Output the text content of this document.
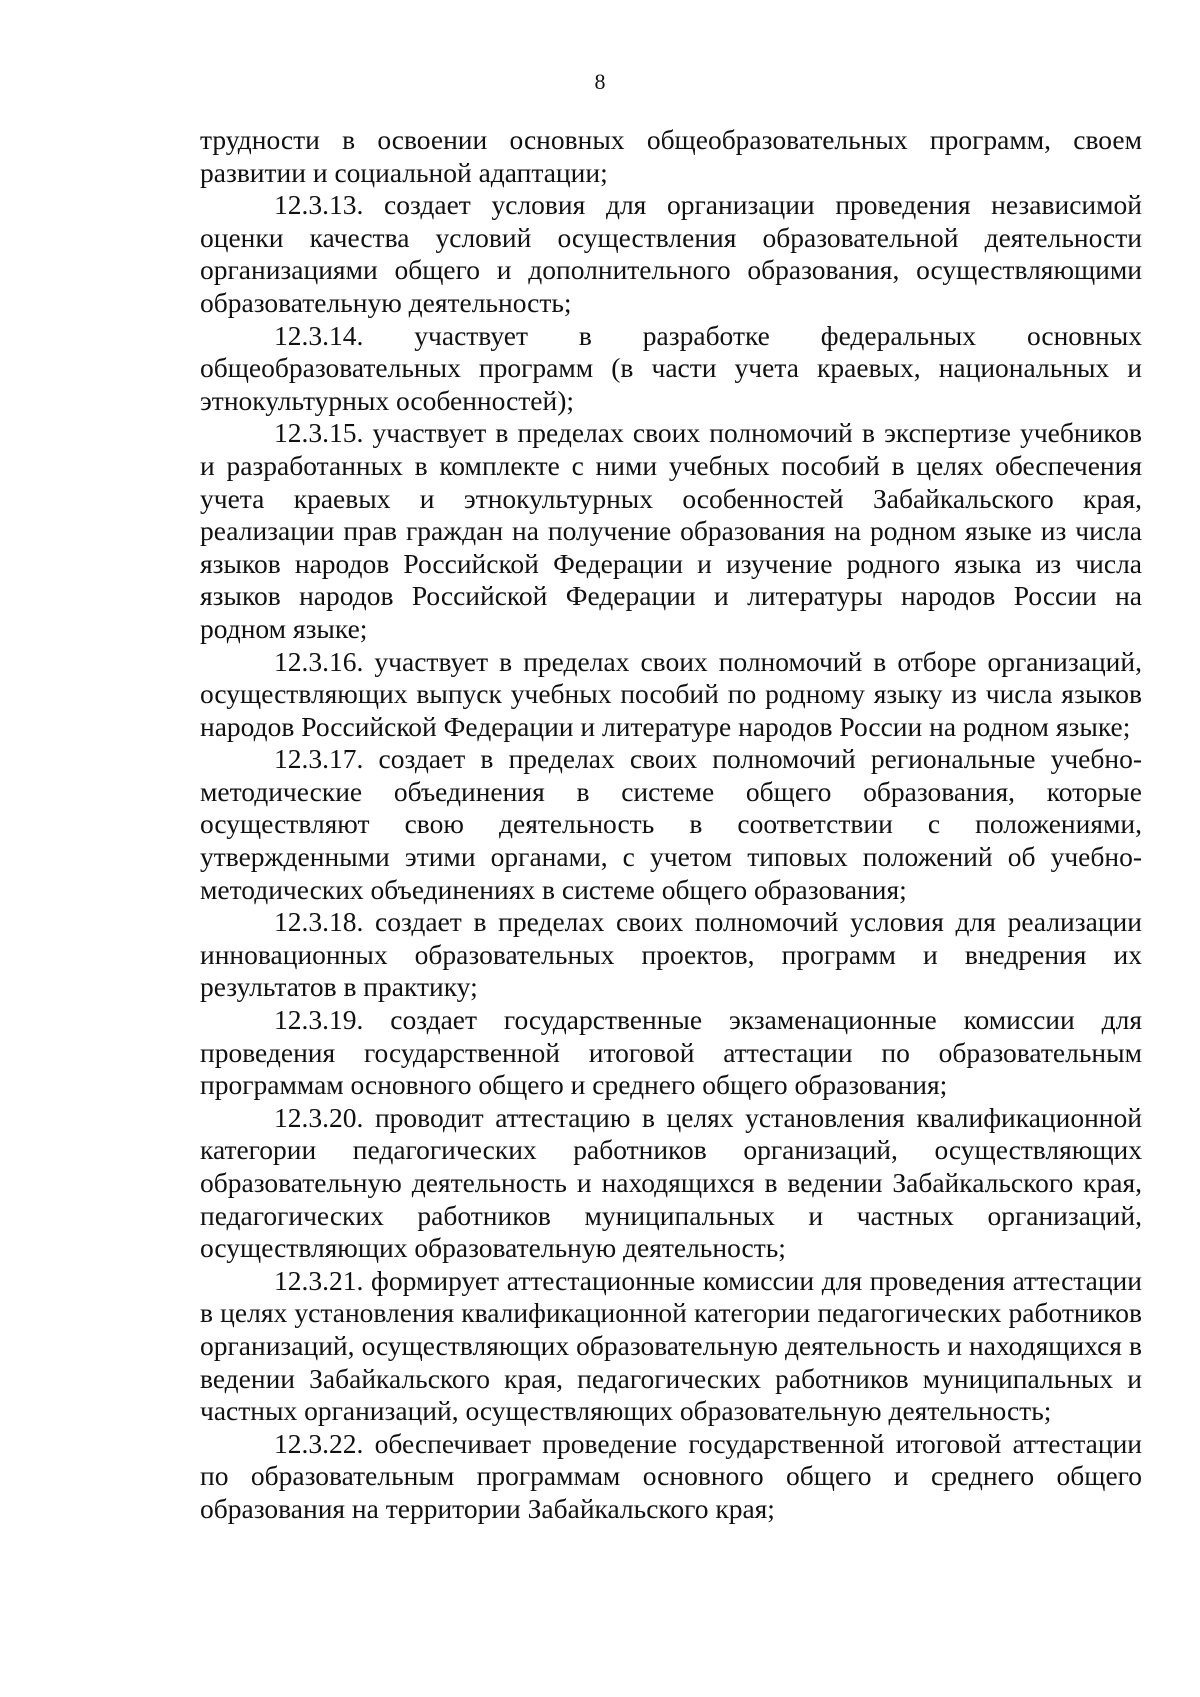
8

трудности в освоении основных общеобразовательных программ, своем развитии и социальной адаптации;

12.3.13. создает условия для организации проведения независимой оценки качества условий осуществления образовательной деятельности организациями общего и дополнительного образования, осуществляющими образовательную деятельность;

12.3.14. участвует в разработке федеральных основных общеобразовательных программ (в части учета краевых, национальных и этнокультурных особенностей);

12.3.15. участвует в пределах своих полномочий в экспертизе учебников и разработанных в комплекте с ними учебных пособий в целях обеспечения учета краевых и этнокультурных особенностей Забайкальского края, реализации прав граждан на получение образования на родном языке из числа языков народов Российской Федерации и изучение родного языка из числа языков народов Российской Федерации и литературы народов России на родном языке;

12.3.16. участвует в пределах своих полномочий в отборе организаций, осуществляющих выпуск учебных пособий по родному языку из числа языков народов Российской Федерации и литературе народов России на родном языке;

12.3.17. создает в пределах своих полномочий региональные учебно-методические объединения в системе общего образования, которые осуществляют свою деятельность в соответствии с положениями, утвержденными этими органами, с учетом типовых положений об учебно-методических объединениях в системе общего образования;

12.3.18. создает в пределах своих полномочий условия для реализации инновационных образовательных проектов, программ и внедрения их результатов в практику;

12.3.19. создает государственные экзаменационные комиссии для проведения государственной итоговой аттестации по образовательным программам основного общего и среднего общего образования;

12.3.20. проводит аттестацию в целях установления квалификационной категории педагогических работников организаций, осуществляющих образовательную деятельность и находящихся в ведении Забайкальского края, педагогических работников муниципальных и частных организаций, осуществляющих образовательную деятельность;

12.3.21. формирует аттестационные комиссии для проведения аттестации в целях установления квалификационной категории педагогических работников организаций, осуществляющих образовательную деятельность и находящихся в ведении Забайкальского края, педагогических работников муниципальных и частных организаций, осуществляющих образовательную деятельность;

12.3.22. обеспечивает проведение государственной итоговой аттестации по образовательным программам основного общего и среднего общего образования на территории Забайкальского края;
